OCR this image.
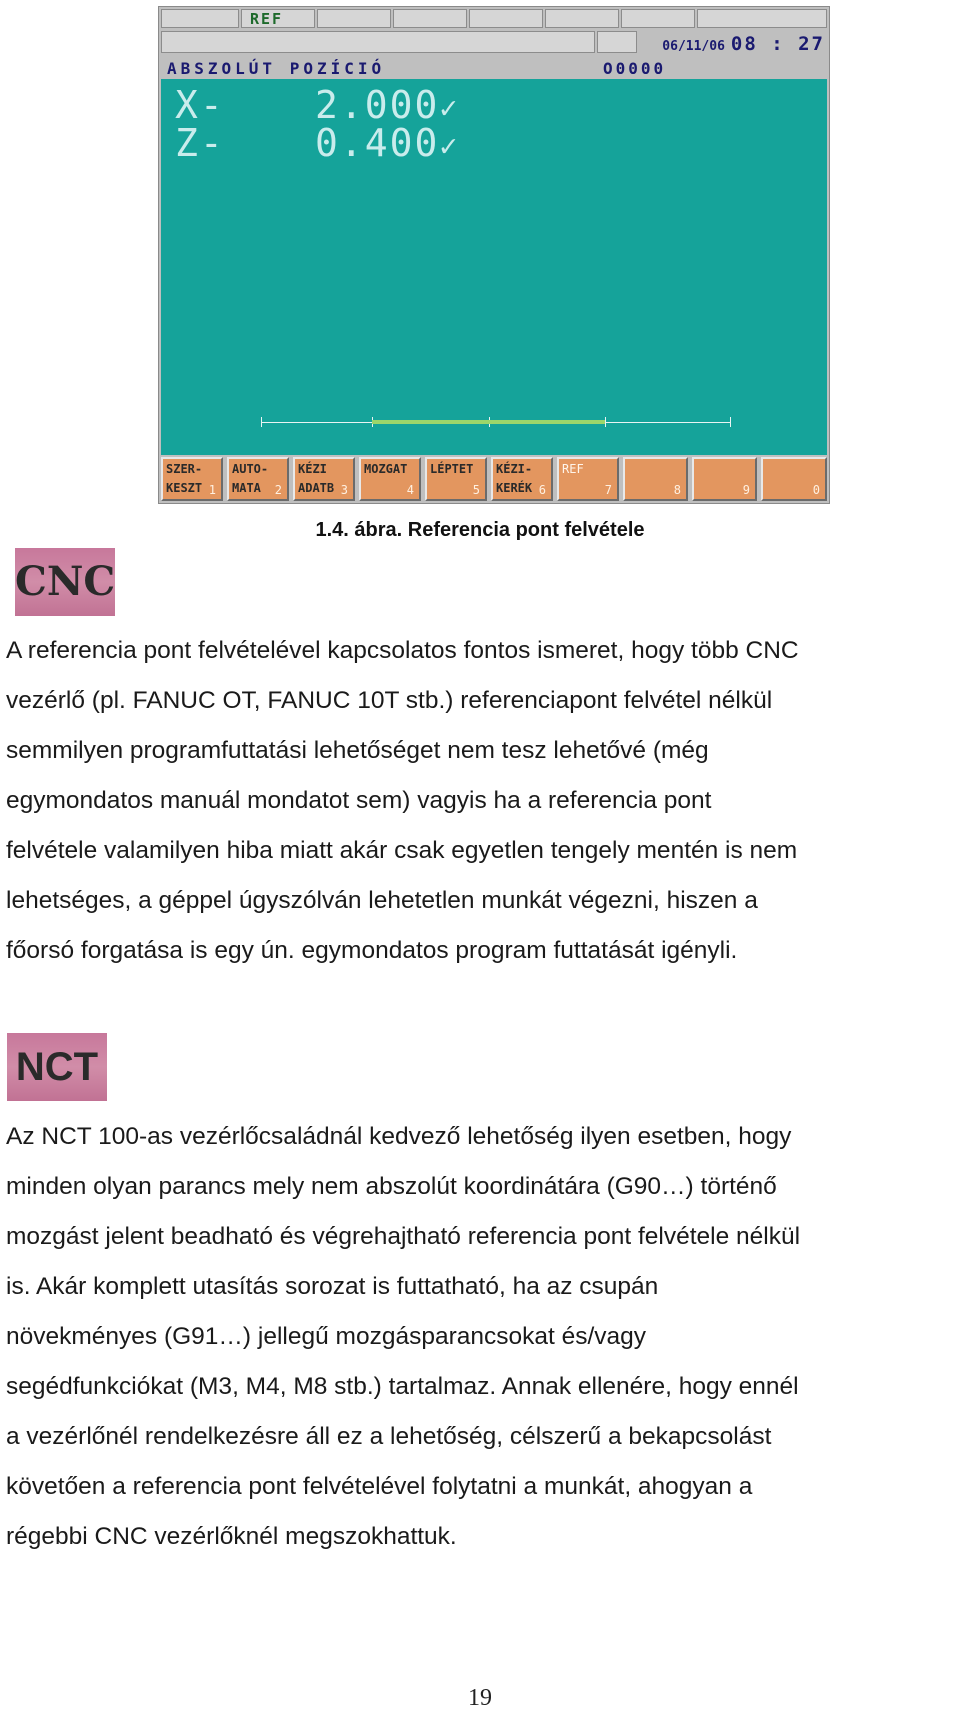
REF
06/11/06 08 : 27
ABSZOLÚT POZÍCIÓ	O0000
X- 2.000✓
Z- 0.400✓
SZER-
KESZT 1
AUTO-
MATA 2
KÉZI
ADATB 3
MOZGAT
4
LÉPTET
5
KÉZI-
KERÉK 6
REF
7	8	9	0
1.4. ábra. Referencia pont felvétele
CNC
A referencia pont felvételével kapcsolatos fontos ismeret, hogy több CNC
vezérlő (pl. FANUC OT, FANUC 10T stb.) referenciapont felvétel nélkül
semmilyen programfuttatási lehetőséget nem tesz lehetővé (még
egymondatos manuál mondatot sem) vagyis ha a referencia pont
felvétele valamilyen hiba miatt akár csak egyetlen tengely mentén is nem
lehetséges, a géppel úgyszólván lehetetlen munkát végezni, hiszen a
főorsó forgatása is egy ún. egymondatos program futtatását igényli.
NCT
Az NCT 100-as vezérlőcsaládnál kedvező lehetőség ilyen esetben, hogy
minden olyan parancs mely nem abszolút koordinátára (G90…) történő
mozgást jelent beadható és végrehajtható referencia pont felvétele nélkül
is. Akár komplett utasítás sorozat is futtatható, ha az csupán
növekményes (G91…) jellegű mozgásparancsokat és/vagy
segédfunkciókat (M3, M4, M8 stb.) tartalmaz. Annak ellenére, hogy ennél
a vezérlőnél rendelkezésre áll ez a lehetőség, célszerű a bekapcsolást
követően a referencia pont felvételével folytatni a munkát, ahogyan a
régebbi CNC vezérlőknél megszokhattuk.
19
